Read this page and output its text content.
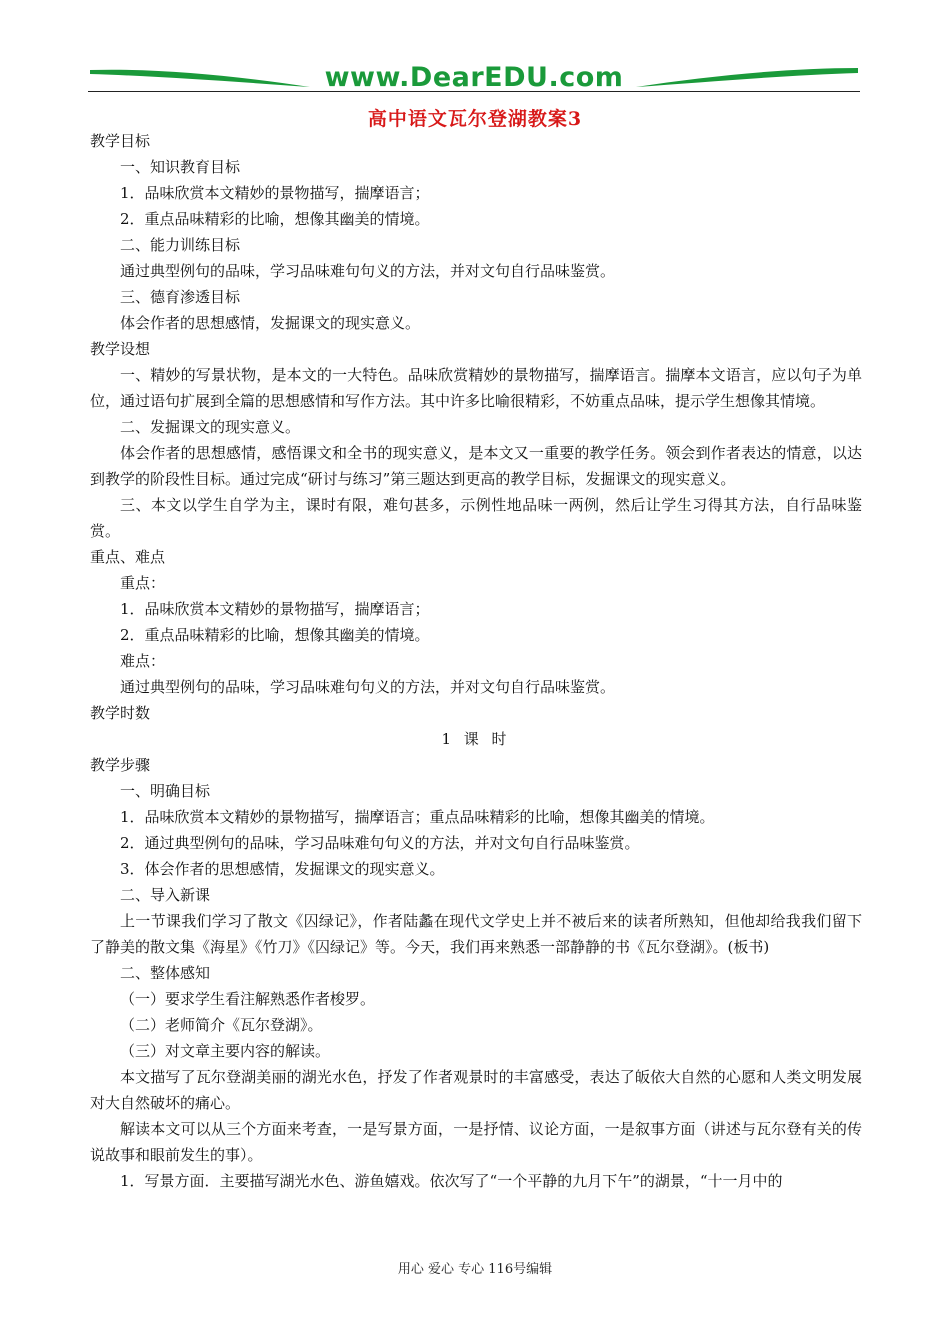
www.DearEDU.com
高中语文瓦尔登湖教案3

教学目标

一、知识教育目标

1．品味欣赏本文精妙的景物描写，揣摩语言；

2．重点品味精彩的比喻，想像其幽美的情境。

二、能力训练目标

通过典型例句的品味，学习品味难句句义的方法，并对文句自行品味鉴赏。

三、德育渗透目标

体会作者的思想感情，发掘课文的现实意义。

教学设想

一、精妙的写景状物，是本文的一大特色。品味欣赏精妙的景物描写，揣摩语言。揣摩本文语言，应以句子为单位，通过语句扩展到全篇的思想感情和写作方法。其中许多比喻很精彩，不妨重点品味，提示学生想像其情境。

二、发掘课文的现实意义。

体会作者的思想感情，感悟课文和全书的现实意义，是本文又一重要的教学任务。领会到作者表达的情意，以达到教学的阶段性目标。通过完成“研讨与练习”第三题达到更高的教学目标，发掘课文的现实意义。

三、本文以学生自学为主，课时有限，难句甚多，示例性地品味一两例，然后让学生习得其方法，自行品味鉴赏。

重点、难点

重点：

1．品味欣赏本文精妙的景物描写，揣摩语言；

2．重点品味精彩的比喻，想像其幽美的情境。

难点：

通过典型例句的品味，学习品味难句句义的方法，并对文句自行品味鉴赏。

教学时数

1 课 时

教学步骤

一、明确目标

1．品味欣赏本文精妙的景物描写，揣摩语言；重点品味精彩的比喻，想像其幽美的情境。

2．通过典型例句的品味，学习品味难句句义的方法，并对文句自行品味鉴赏。

3．体会作者的思想感情，发掘课文的现实意义。

二、导入新课

上一节课我们学习了散文《囚绿记》，作者陆蠡在现代文学史上并不被后来的读者所熟知，但他却给我我们留下了静美的散文集《海星》《竹刀》《囚绿记》等。今天，我们再来熟悉一部静静的书《瓦尔登湖》。(板书)

二、整体感知

（一）要求学生看注解熟悉作者梭罗。

（二）老师简介《瓦尔登湖》。

（三）对文章主要内容的解读。

本文描写了瓦尔登湖美丽的湖光水色，抒发了作者观景时的丰富感受，表达了皈依大自然的心愿和人类文明发展对大自然破坏的痛心。

解读本文可以从三个方面来考查，一是写景方面，一是抒情、议论方面，一是叙事方面（讲述与瓦尔登有关的传说故事和眼前发生的事）。

1．写景方面．主要描写湖光水色、游鱼嬉戏。依次写了“一个平静的九月下午”的湖景，“十一月中的

用心 爱心 专心 116号编辑
